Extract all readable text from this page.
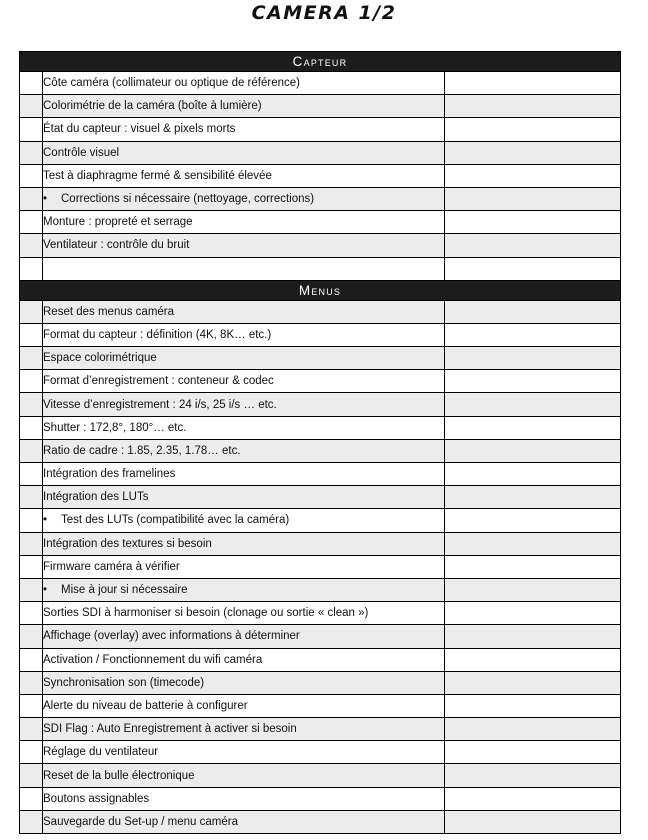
CAMERA 1/2
Capteur		
	Côte caméra (collimateur ou optique de référence)	
	Colorimétrie de la caméra (boîte à lumière)	
	État du capteur : visuel & pixels morts	
	Contrôle visuel	
	Test à diaphragme fermé & sensibilité élevée	
	• Corrections si nécessaire (nettoyage, corrections)	
	Monture : propreté et serrage	
	Ventilateur : contrôle du bruit	

Menus		
	Reset des menus caméra	
	Format du capteur : définition (4K, 8K… etc.)	
	Espace colorimétrique	
	Format d’enregistrement : conteneur & codec	
	Vitesse d’enregistrement : 24 i/s, 25 i/s … etc.	
	Shutter : 172,8°, 180°… etc.	
	Ratio de cadre : 1.85, 2.35, 1.78… etc.	
	Intégration des framelines	
	Intégration des LUTs	
	• Test des LUTs (compatibilité avec la caméra)	
	Intégration des textures si besoin	
	Firmware caméra à vérifier	
	• Mise à jour si nécessaire	
	Sorties SDI à harmoniser si besoin (clonage ou sortie « clean »)	
	Affichage (overlay) avec informations à déterminer	
	Activation / Fonctionnement du wifi caméra	
	Synchronisation son (timecode)	
	Alerte du niveau de batterie à configurer	
	SDI Flag : Auto Enregistrement à activer si besoin	
	Réglage du ventilateur	
	Reset de la bulle électronique	
	Boutons assignables	
	Sauvegarde du Set-up / menu caméra	
